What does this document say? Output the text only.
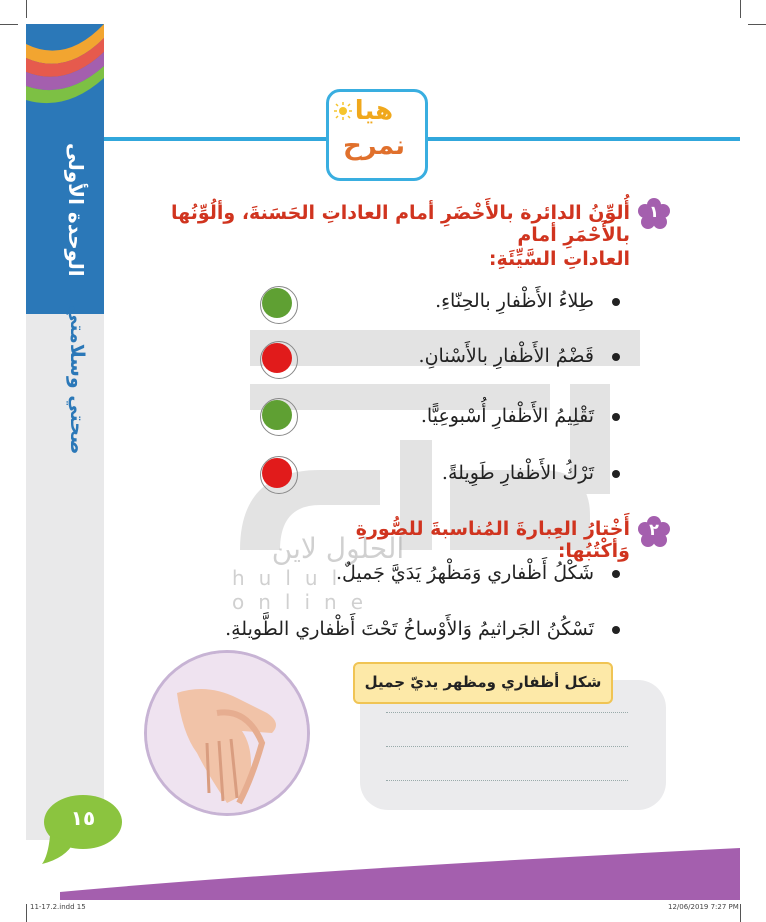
الوحدة الأولى
صحتي وسلامتي
هيا
نمرح
الحلول لاين
hulul online
١
أُلوِّنُ الدائرة بالأَخْضَرِ أمام العاداتِ الحَسَنةَ، وألُوِّنُها بالأَحْمَرِ أمام
العاداتِ السَّيِّئَةِ:
طِلاءُ الأَظْفارِ بالحِنّاءِ.
قَضْمُ الأَظْفارِ بالأَسْنانِ.
تَقْلِيمُ الأَظْفارِ أُسْبوعِيًّا.
تَرْكُ الأَظْفارِ طَوِيلةً.
٢
أَخْتارُ العِبارةَ المُناسبةَ للصُّورةِ وَأكْتُبُها:
شَكْلُ أَظْفاري وَمَظْهرُ يَدَيَّ جَميلٌ.
تَسْكُنُ الجَراثيمُ وَالأَوْساخُ تَحْتَ أَظْفاري الطَّويلةِ.
شكل أظفاري ومظهر يديّ جميل
١٥
11-17.2.indd 15	12/06/2019 7:27 PM
